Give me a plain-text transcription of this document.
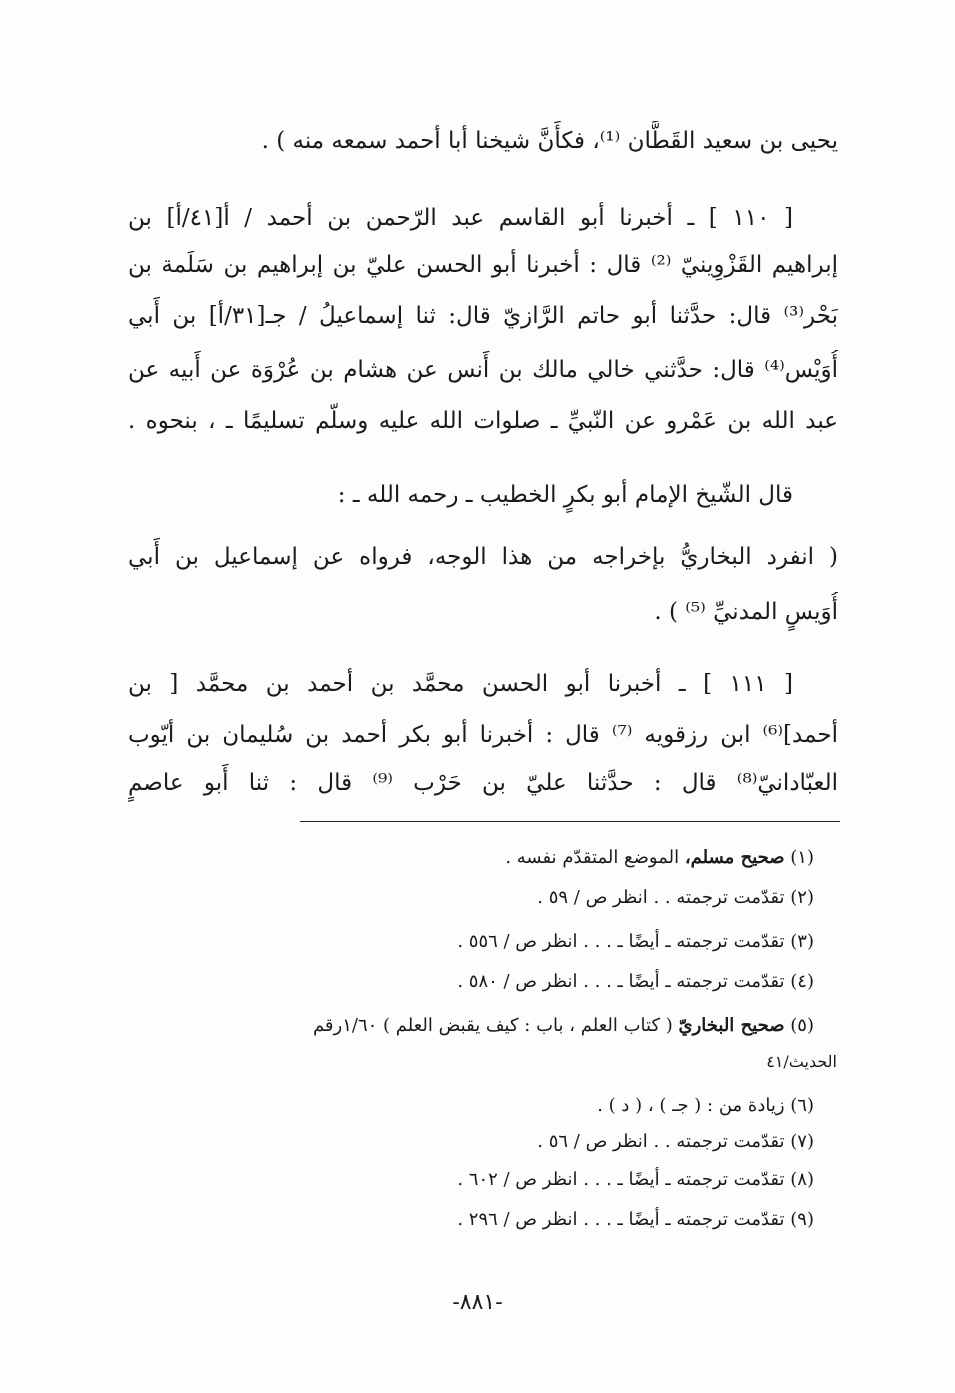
يحيى بن سعيد القَطَّان ⁽¹⁾، فكأَنَّ شيخنا أبا أحمد سمعه منه ) .
[ ١١٠ ] ـ أخبرنا أبو القاسم عبد الرّحمن بن أحمد / أ[٤١/أ] بن
إبراهيم القَزْوِينيّ ⁽²⁾ قال : أخبرنا أبو الحسن عليّ بن إبراهيم بن سَلَمة بن
بَحْر⁽³⁾ قال: حدَّثنا أبو حاتم الرَّازيّ قال: ثنا إسماعيلُ / جـ[٣١/أ] بن أَبي
أُوَيْس⁽⁴⁾ قال: حدَّثني خالي مالك بن أَنس عن هشام بن عُرْوَة عن أَبيه عن
عبد الله بن عَمْرو عن النّبيِّ ـ صلوات الله عليه وسلّم تسليمًا ـ ، بنحوه .
قال الشّيخ الإمام أبو بكرٍ الخطيب ـ رحمه الله ـ :
( انفرد البخاريُّ بإخراجه من هذا الوجه، فرواه عن إسماعيل بن أَبي
أُوَيسٍ المدنيِّ ⁽⁵⁾ ) .
[ ١١١ ] ـ أخبرنا أبو الحسن محمَّد بن أحمد بن محمَّد [ بن
أحمد]⁽⁶⁾ ابن رزقويه ⁽⁷⁾ قال : أخبرنا أبو بكر أحمد بن سُليمان بن أيّوب
العبّادانيّ⁽⁸⁾ قال : حدَّثنا عليّ بن حَرْب ⁽⁹⁾ قال : ثنا أَبو عاصمٍ
(١) صحيح مسلم، الموضع المتقدّم نفسه .
(٢) تقدّمت ترجمته . . انظر ص / ٥٩ .
(٣) تقدّمت ترجمته ـ أيضًا ـ . . . انظر ص / ٥٥٦ .
(٤) تقدّمت ترجمته ـ أيضًا ـ . . . انظر ص / ٥٨٠ .
(٥) صحيح البخاريّ ( كتاب العلم ، باب : كيف يقبض العلم ) ١/٦٠رقم
الحديث/٤١
(٦) زيادة من : ( جـ ) ، ( د ) .
(٧) تقدّمت ترجمته . . انظر ص / ٥٦ .
(٨) تقدّمت ترجمته ـ أيضًا ـ . . . انظر ص / ٦٠٢ .
(٩) تقدّمت ترجمته ـ أيضًا ـ . . . انظر ص / ٢٩٦ .
-٨٨١-
